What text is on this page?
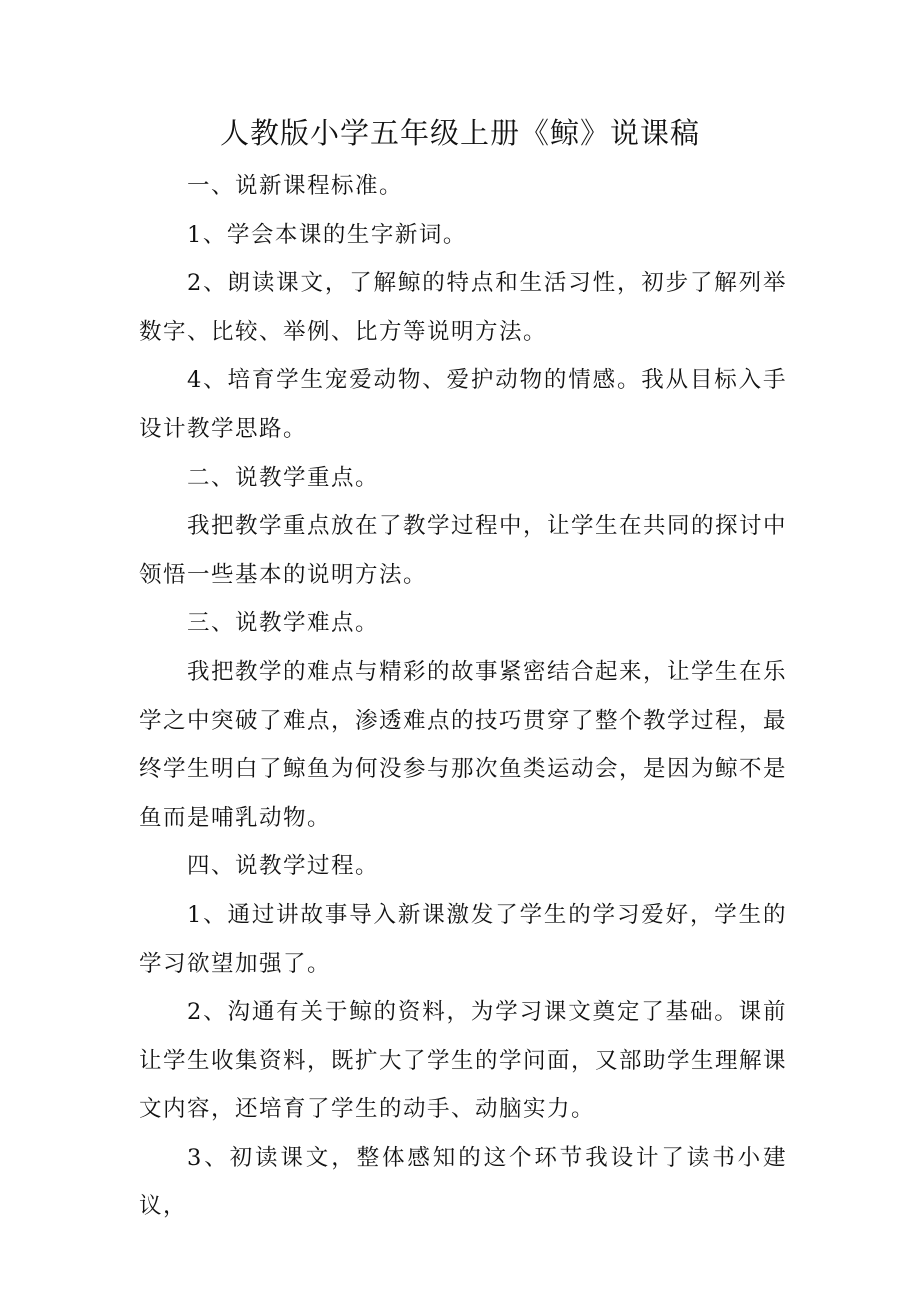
人教版小学五年级上册《鲸》说课稿

一、说新课程标准。

1、学会本课的生字新词。

2、朗读课文，了解鲸的特点和生活习性，初步了解列举数字、比较、举例、比方等说明方法。

4、培育学生宠爱动物、爱护动物的情感。我从目标入手设计教学思路。

二、说教学重点。

我把教学重点放在了教学过程中，让学生在共同的探讨中领悟一些基本的说明方法。

三、说教学难点。

我把教学的难点与精彩的故事紧密结合起来，让学生在乐学之中突破了难点，渗透难点的技巧贯穿了整个教学过程，最终学生明白了鲸鱼为何没参与那次鱼类运动会，是因为鲸不是鱼而是哺乳动物。

四、说教学过程。

1、通过讲故事导入新课激发了学生的学习爱好，学生的学习欲望加强了。

2、沟通有关于鲸的资料，为学习课文奠定了基础。课前让学生收集资料，既扩大了学生的学问面，又部助学生理解课文内容，还培育了学生的动手、动脑实力。

3、初读课文，整体感知的这个环节我设计了读书小建议，
